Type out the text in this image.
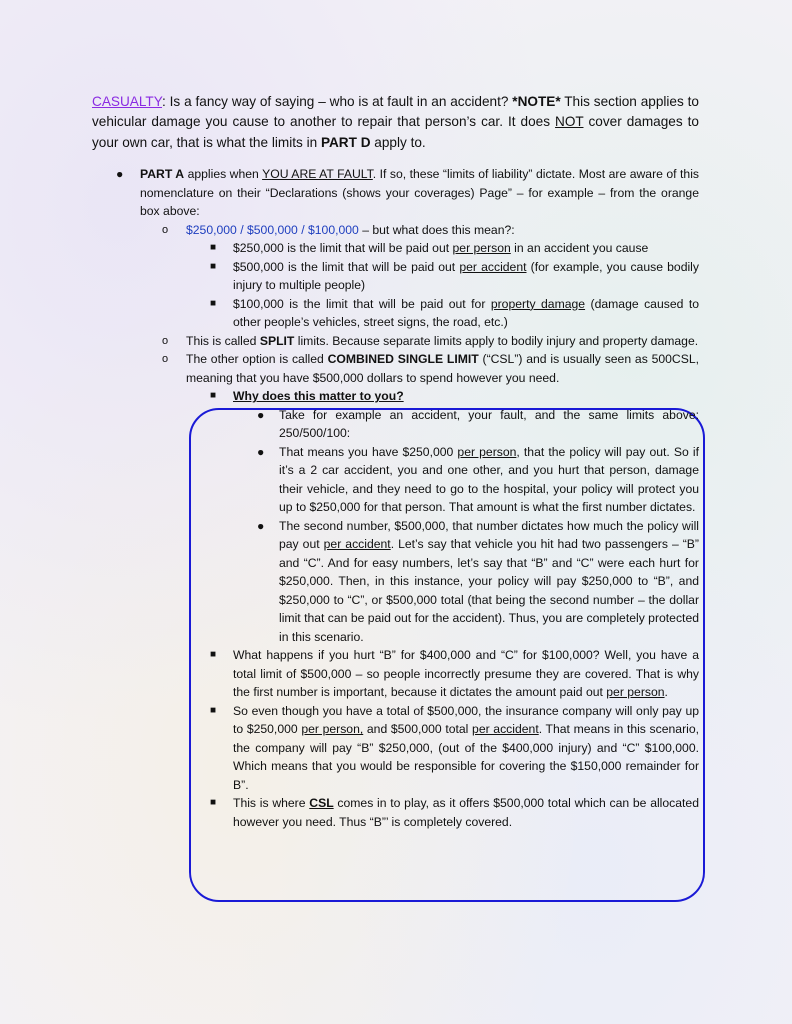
CASUALTY: Is a fancy way of saying – who is at fault in an accident? *NOTE* This section applies to vehicular damage you cause to another to repair that person’s car. It does NOT cover damages to your own car, that is what the limits in PART D apply to.

● PART A applies when YOU ARE AT FAULT. If so, these “limits of liability” dictate. Most are aware of this nomenclature on their “Declarations (shows your coverages) Page” – for example – from the orange box above:
o $250,000 / $500,000 / $100,000 – but what does this mean?:
■ $250,000 is the limit that will be paid out per person in an accident you cause
■ $500,000 is the limit that will be paid out per accident (for example, you cause bodily injury to multiple people)
■ $100,000 is the limit that will be paid out for property damage (damage caused to other people’s vehicles, street signs, the road, etc.)
o This is called SPLIT limits. Because separate limits apply to bodily injury and property damage.
o The other option is called COMBINED SINGLE LIMIT (“CSL”) and is usually seen as 500CSL, meaning that you have $500,000 dollars to spend however you need.
■ Why does this matter to you?
● Take for example an accident, your fault, and the same limits above: 250/500/100:
● That means you have $250,000 per person, that the policy will pay out. So if it’s a 2 car accident, you and one other, and you hurt that person, damage their vehicle, and they need to go to the hospital, your policy will protect you up to $250,000 for that person. That amount is what the first number dictates.
● The second number, $500,000, that number dictates how much the policy will pay out per accident. Let’s say that vehicle you hit had two passengers – “B” and “C”. And for easy numbers, let’s say that “B” and “C” were each hurt for $250,000. Then, in this instance, your policy will pay $250,000 to “B”, and $250,000 to “C”, or $500,000 total (that being the second number – the dollar limit that can be paid out for the accident). Thus, you are completely protected in this scenario.
■ What happens if you hurt “B” for $400,000 and “C” for $100,000? Well, you have a total limit of $500,000 – so people incorrectly presume they are covered. That is why the first number is important, because it dictates the amount paid out per person.
■ So even though you have a total of $500,000, the insurance company will only pay up to $250,000 per person, and $500,000 total per accident. That means in this scenario, the company will pay “B” $250,000, (out of the $400,000 injury) and “C” $100,000. Which means that you would be responsible for covering the $150,000 remainder for B”.
■ This is where CSL comes in to play, as it offers $500,000 total which can be allocated however you need. Thus “B”’ is completely covered.
